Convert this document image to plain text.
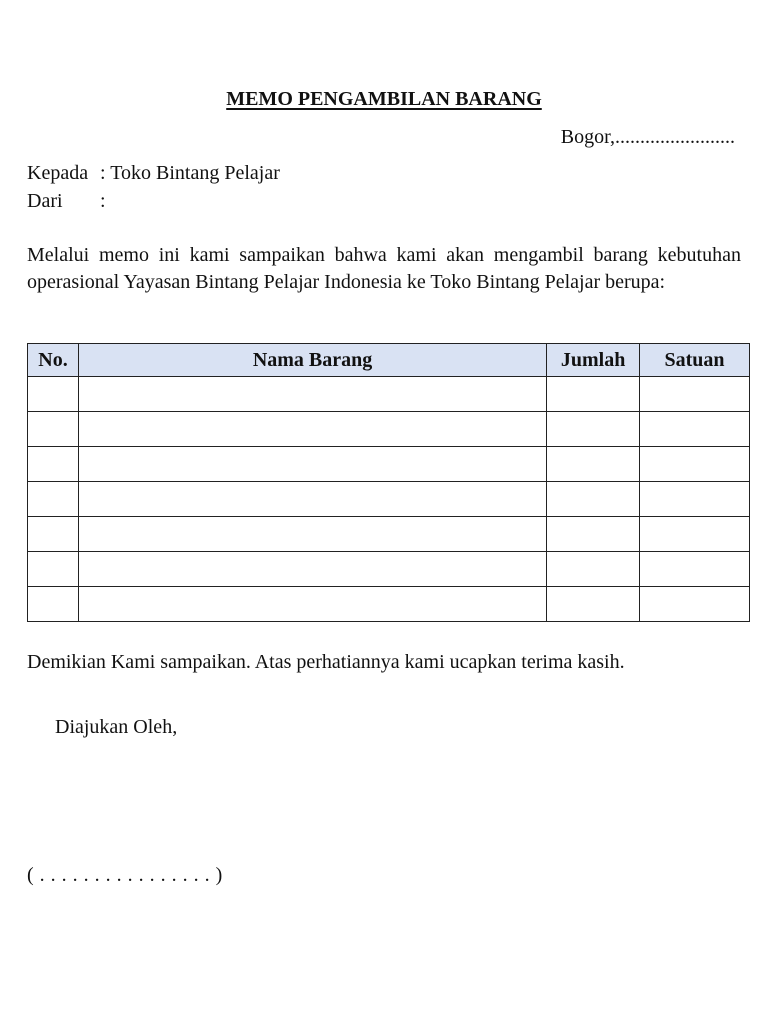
MEMO PENGAMBILAN BARANG
Bogor,........................
Kepada : Toko Bintang Pelajar
Dari :
Melalui memo ini kami sampaikan bahwa kami akan mengambil barang kebutuhan operasional Yayasan Bintang Pelajar Indonesia ke Toko Bintang Pelajar berupa:
No.	Nama Barang	Jumlah	Satuan

Demikian Kami sampaikan. Atas perhatiannya kami ucapkan terima kasih.
Diajukan Oleh,
( . . . . . . . . . . . . . . . . )
